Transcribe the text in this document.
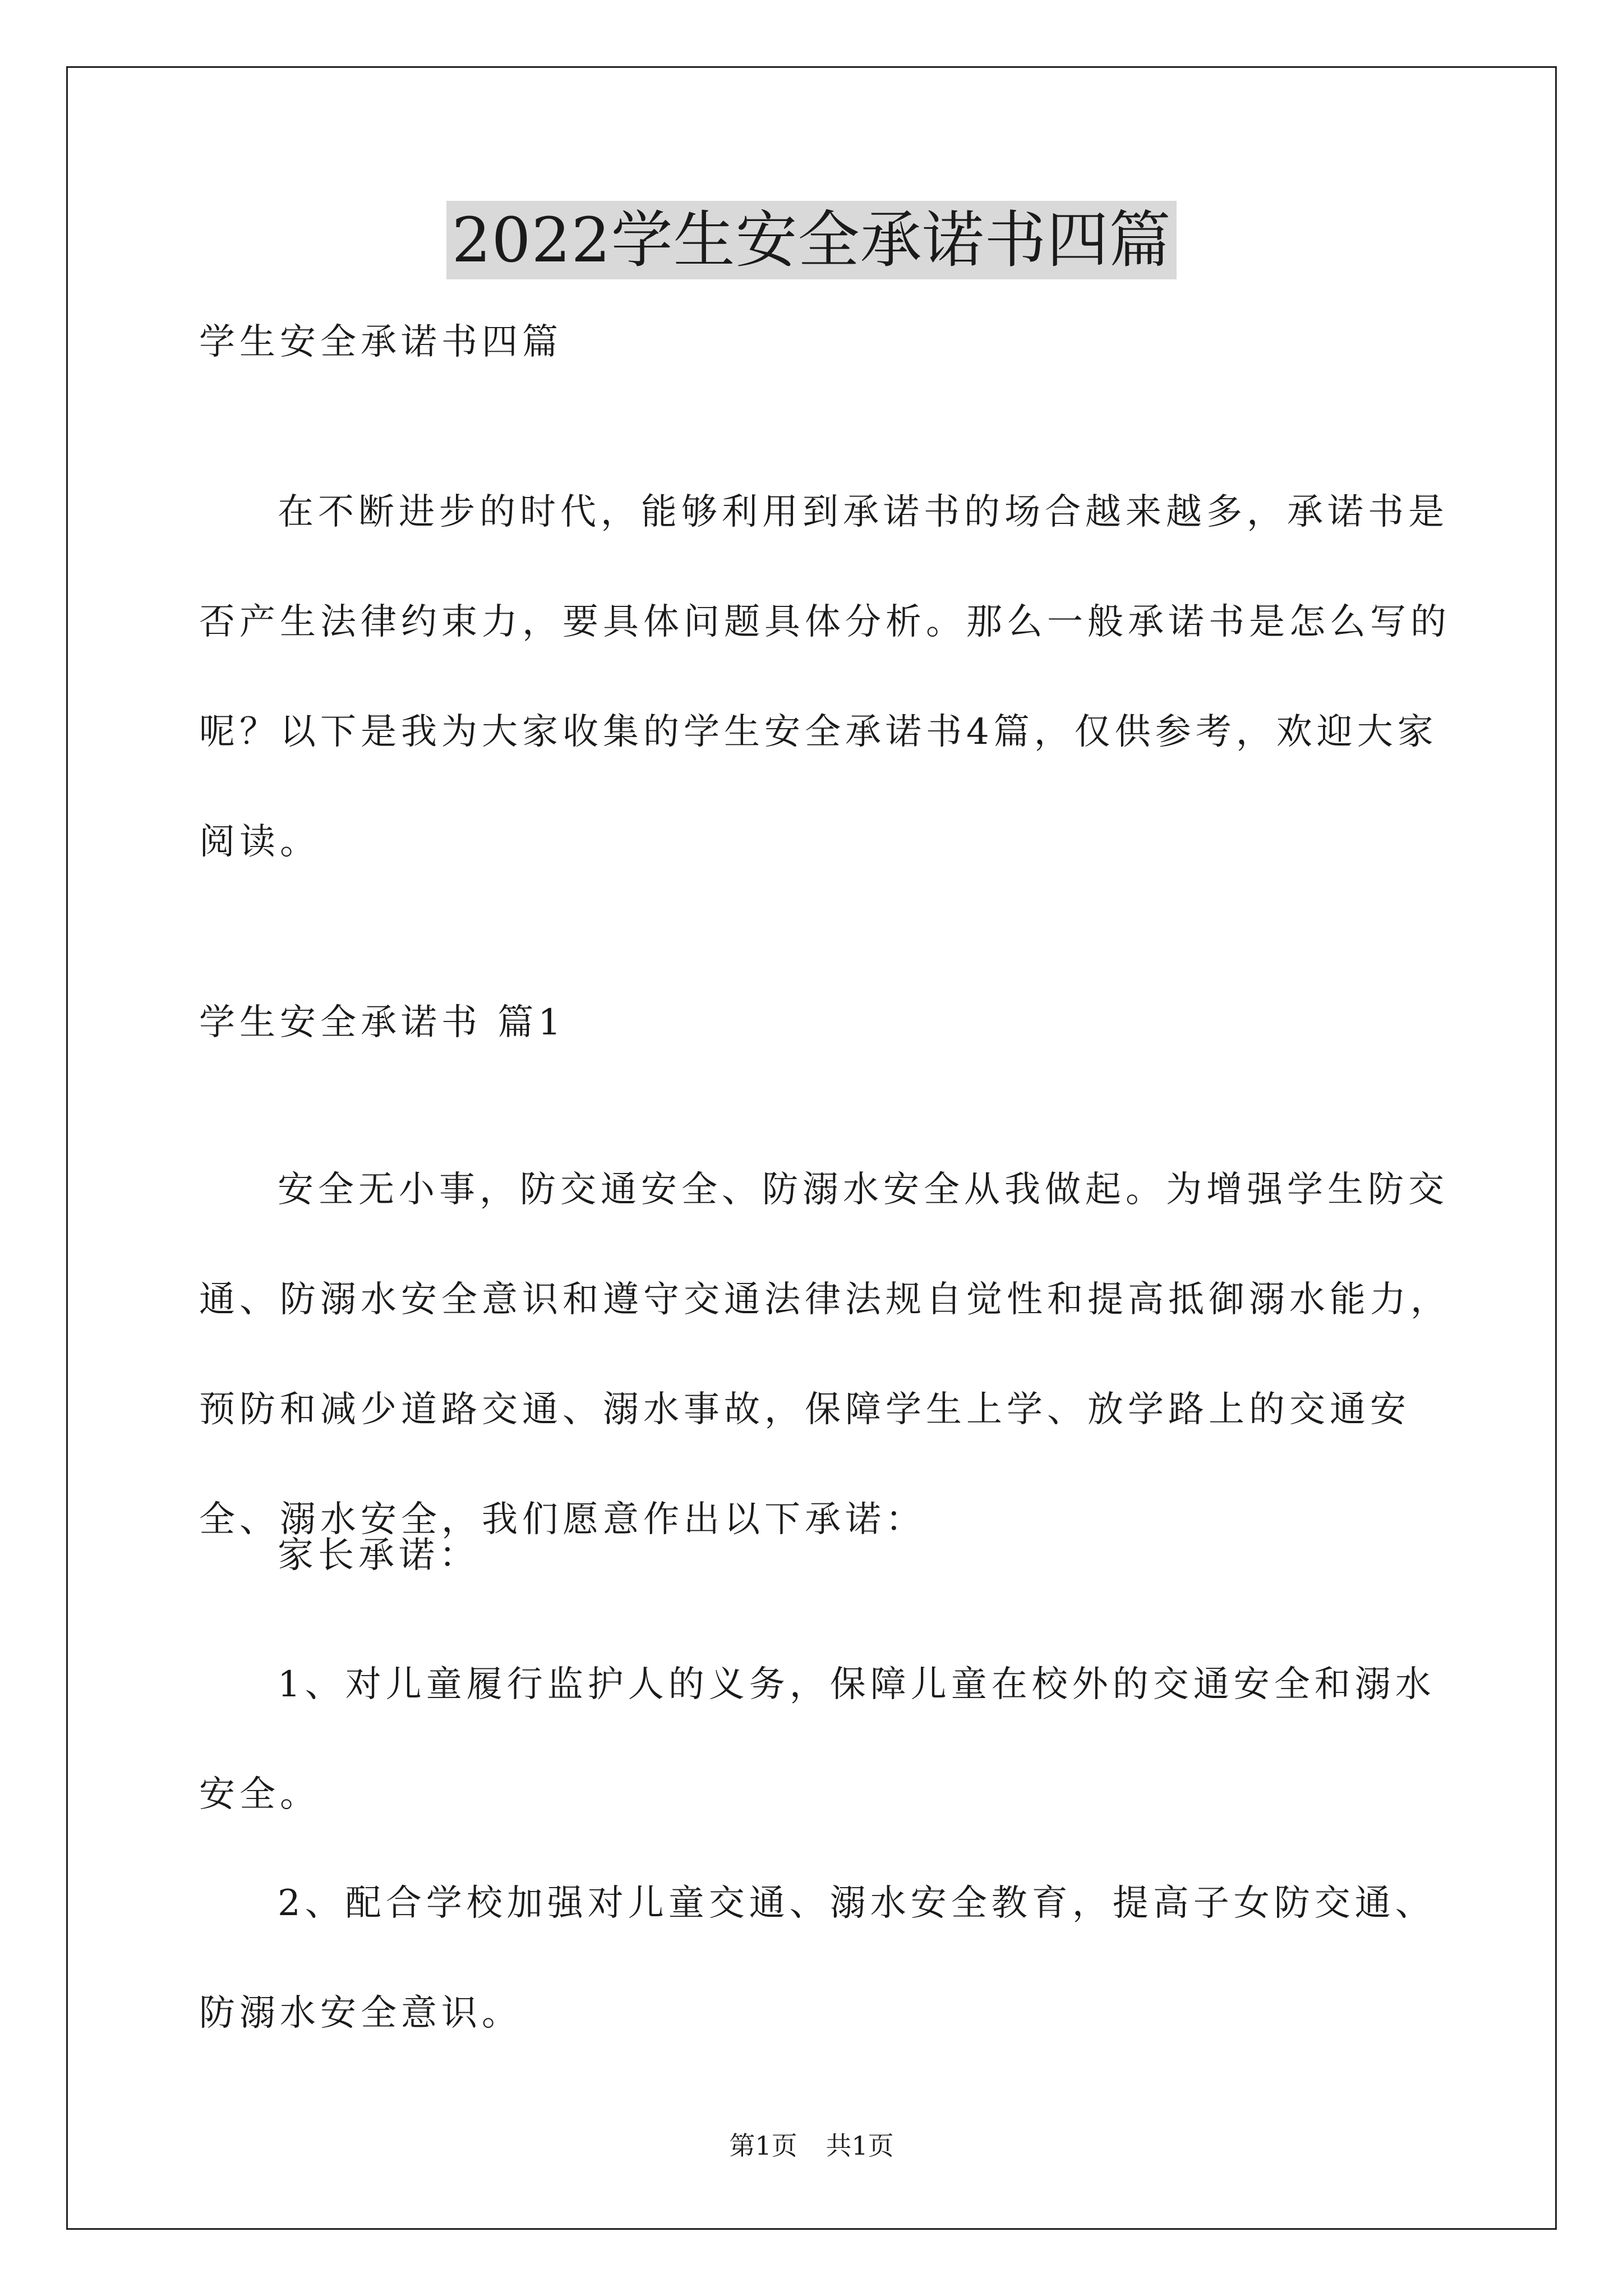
2022学生安全承诺书四篇
学生安全承诺书四篇

在不断进步的时代，能够利用到承诺书的场合越来越多，承诺书是否产生法律约束力，要具体问题具体分析。那么一般承诺书是怎么写的呢？以下是我为大家收集的学生安全承诺书4篇，仅供参考，欢迎大家阅读。

学生安全承诺书 篇1

安全无小事，防交通安全、防溺水安全从我做起。为增强学生防交通、防溺水安全意识和遵守交通法律法规自觉性和提高抵御溺水能力，预防和减少道路交通、溺水事故，保障学生上学、放学路上的交通安全、溺水安全，我们愿意作出以下承诺：

家长承诺：

1、对儿童履行监护人的义务，保障儿童在校外的交通安全和溺水安全。

2、配合学校加强对儿童交通、溺水安全教育，提高子女防交通、防溺水安全意识。

第1页 共1页
